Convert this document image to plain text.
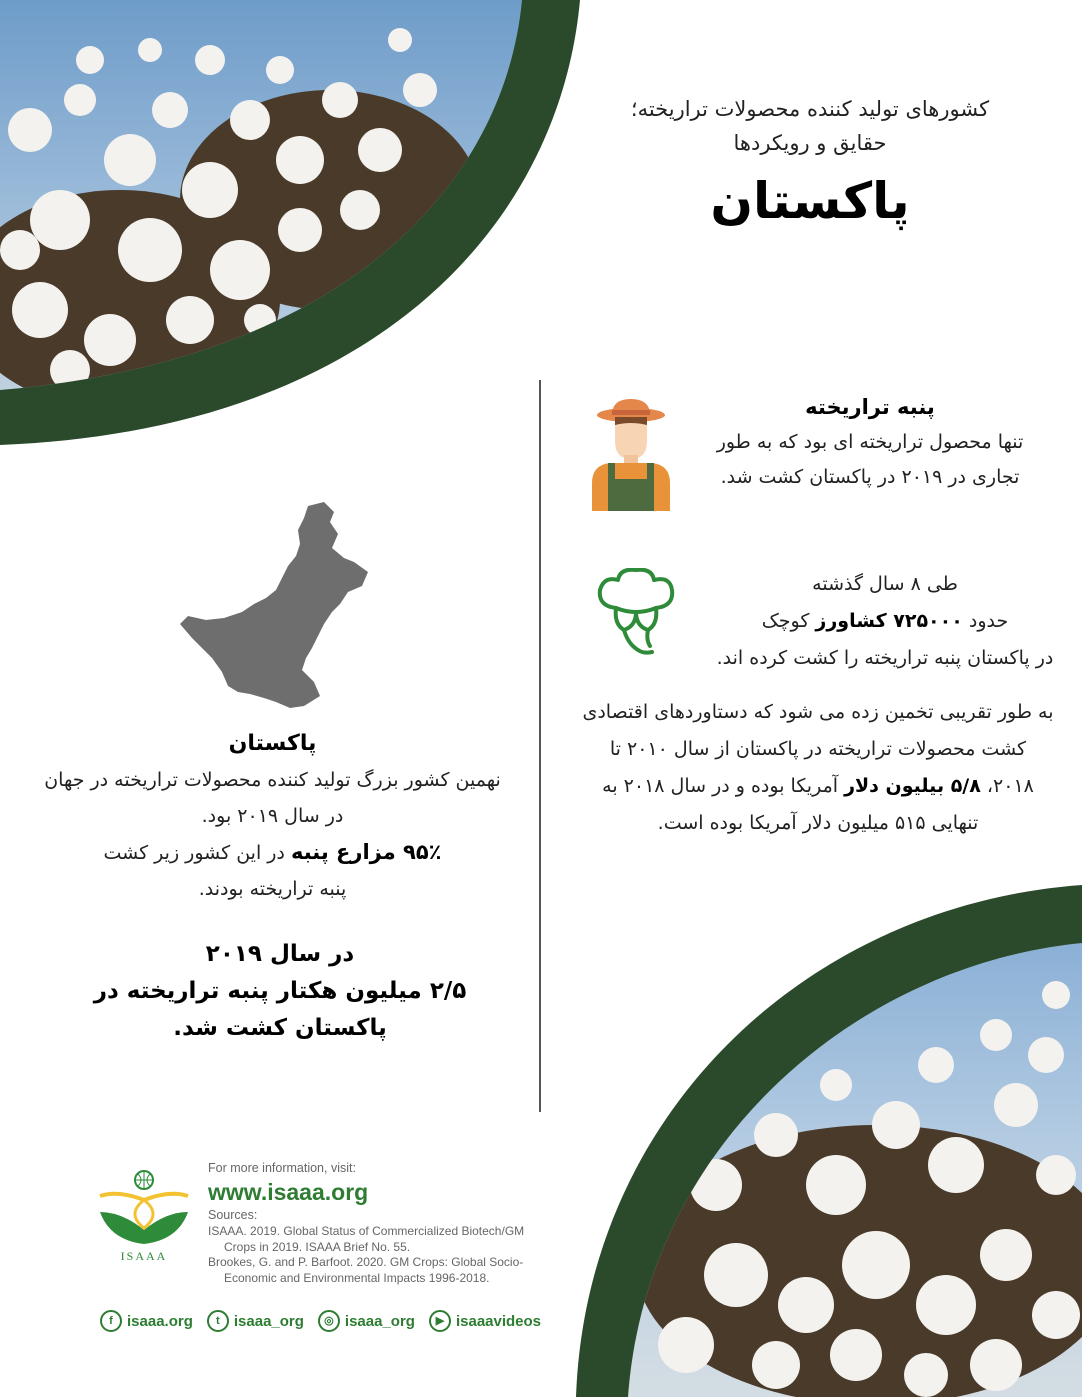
کشورهای تولید کننده محصولات تراریخته؛
حقایق و رویکردها
پاکستان
پنبه تراریخته
تنها محصول تراریخته ای بود که به طور
تجاری در ۲۰۱۹ در پاکستان کشت شد.
طی ۸ سال گذشته
حدود ۷۲۵۰۰۰ کشاورز کوچک
در پاکستان پنبه تراریخته را کشت کرده اند.
به طور تقریبی تخمین زده می شود که دستاوردهای اقتصادی
کشت محصولات تراریخته در پاکستان از سال ۲۰۱۰ تا
۲۰۱۸، ۵/۸ بیلیون دلار آمریکا بوده و در سال ۲۰۱۸ به
تنهایی ۵۱۵ میلیون دلار آمریکا بوده است.
پاکستان
نهمین کشور بزرگ تولید کننده محصولات تراریخته در جهان
در سال ۲۰۱۹ بود.
۹۵٪ مزارع پنبه در این کشور زیر کشت
پنبه تراریخته بودند.
در سال ۲۰۱۹
۲/۵ میلیون هکتار پنبه تراریخته در
پاکستان کشت شد.
ISAAA
For more information, visit:
www.isaaa.org
Sources:
ISAAA. 2019. Global Status of Commercialized Biotech/GM Crops in 2019. ISAAA Brief No. 55.
Brookes, G. and P. Barfoot. 2020. GM Crops: Global Socio-Economic and Environmental Impacts 1996-2018.
f isaaa.org	t isaaa_org	◎ isaaa_org	▶ isaaavideos
